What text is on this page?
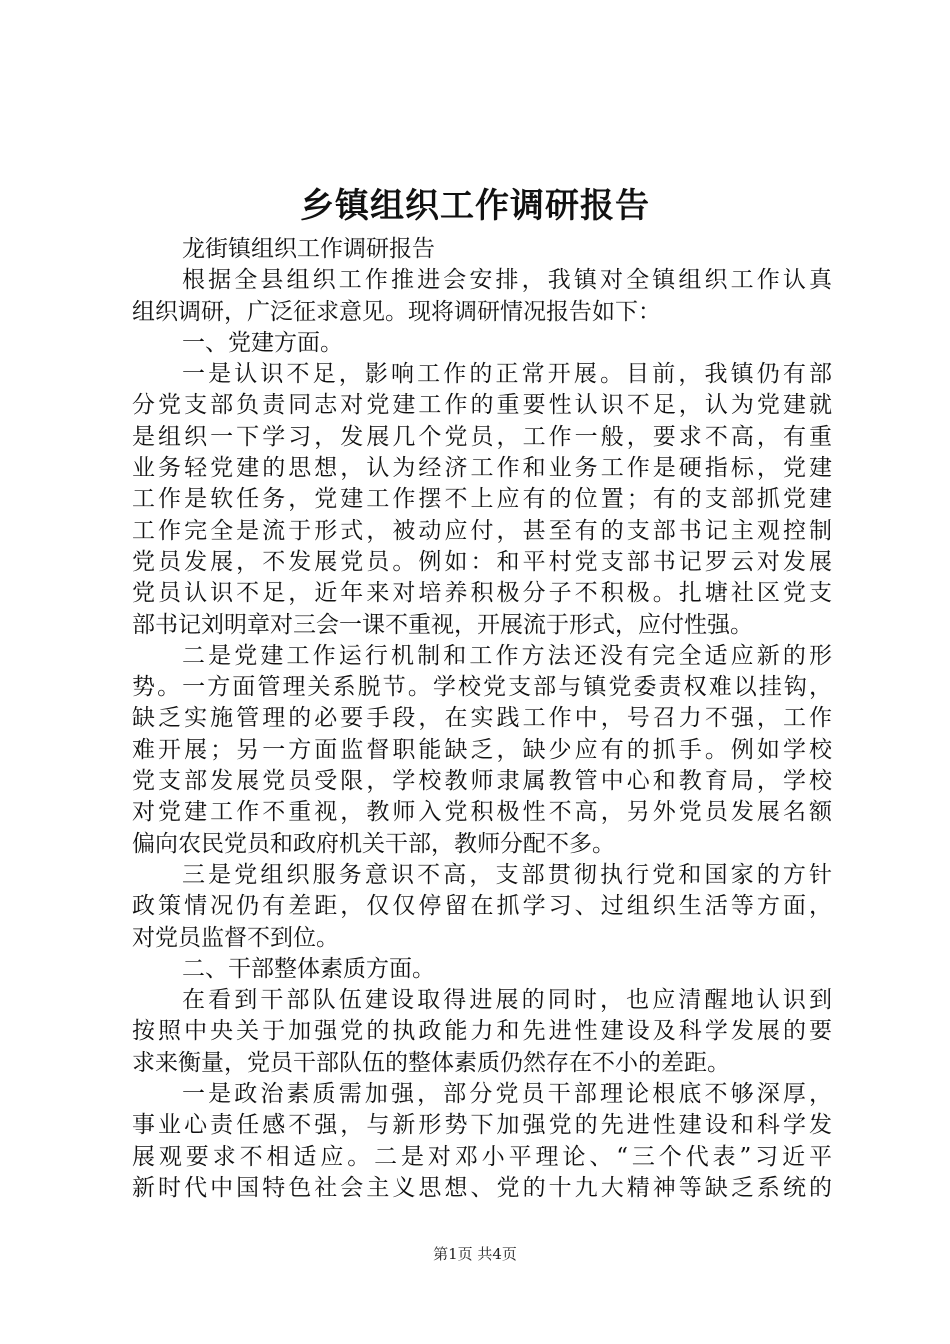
乡镇组织工作调研报告
龙街镇组织工作调研报告
根据全县组织工作推进会安排，我镇对全镇组织工作认真
组织调研，广泛征求意见。现将调研情况报告如下：
一、党建方面。
一是认识不足，影响工作的正常开展。目前，我镇仍有部
分党支部负责同志对党建工作的重要性认识不足，认为党建就
是组织一下学习，发展几个党员，工作一般，要求不高，有重
业务轻党建的思想，认为经济工作和业务工作是硬指标，党建
工作是软任务，党建工作摆不上应有的位置；有的支部抓党建
工作完全是流于形式，被动应付，甚至有的支部书记主观控制
党员发展，不发展党员。例如：和平村党支部书记罗云对发展
党员认识不足，近年来对培养积极分子不积极。扎塘社区党支
部书记刘明章对三会一课不重视，开展流于形式，应付性强。
二是党建工作运行机制和工作方法还没有完全适应新的形
势。一方面管理关系脱节。学校党支部与镇党委责权难以挂钩，
缺乏实施管理的必要手段，在实践工作中，号召力不强，工作
难开展；另一方面监督职能缺乏，缺少应有的抓手。例如学校
党支部发展党员受限，学校教师隶属教管中心和教育局，学校
对党建工作不重视，教师入党积极性不高，另外党员发展名额
偏向农民党员和政府机关干部，教师分配不多。
三是党组织服务意识不高，支部贯彻执行党和国家的方针
政策情况仍有差距，仅仅停留在抓学习、过组织生活等方面，
对党员监督不到位。
二、干部整体素质方面。
在看到干部队伍建设取得进展的同时，也应清醒地认识到
按照中央关于加强党的执政能力和先进性建设及科学发展的要
求来衡量，党员干部队伍的整体素质仍然存在不小的差距。
一是政治素质需加强，部分党员干部理论根底不够深厚，
事业心责任感不强，与新形势下加强党的先进性建设和科学发
展观要求不相适应。二是对邓小平理论、“三个代表”习近平
新时代中国特色社会主义思想、党的十九大精神等缺乏系统的
第1页 共4页
